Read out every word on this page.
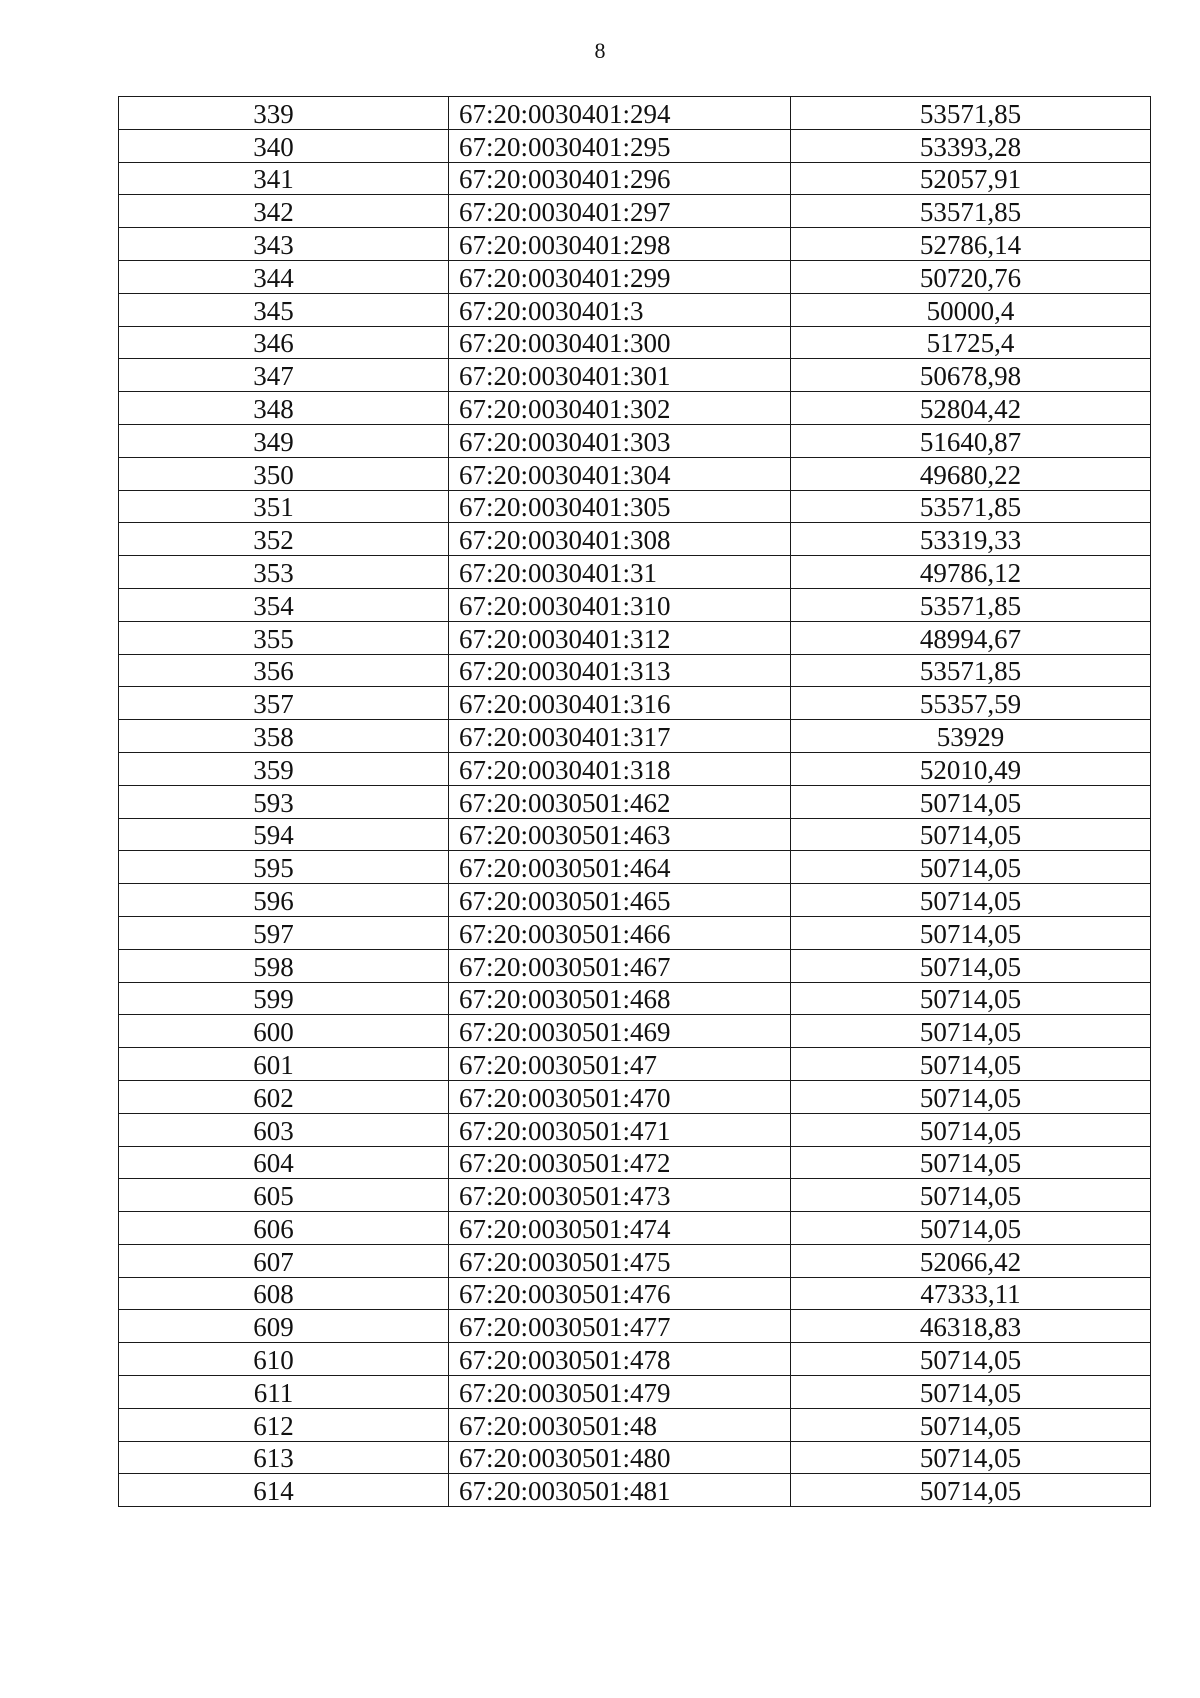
8
339	67:20:0030401:294	53571,85
340	67:20:0030401:295	53393,28
341	67:20:0030401:296	52057,91
342	67:20:0030401:297	53571,85
343	67:20:0030401:298	52786,14
344	67:20:0030401:299	50720,76
345	67:20:0030401:3	50000,4
346	67:20:0030401:300	51725,4
347	67:20:0030401:301	50678,98
348	67:20:0030401:302	52804,42
349	67:20:0030401:303	51640,87
350	67:20:0030401:304	49680,22
351	67:20:0030401:305	53571,85
352	67:20:0030401:308	53319,33
353	67:20:0030401:31	49786,12
354	67:20:0030401:310	53571,85
355	67:20:0030401:312	48994,67
356	67:20:0030401:313	53571,85
357	67:20:0030401:316	55357,59
358	67:20:0030401:317	53929
359	67:20:0030401:318	52010,49
593	67:20:0030501:462	50714,05
594	67:20:0030501:463	50714,05
595	67:20:0030501:464	50714,05
596	67:20:0030501:465	50714,05
597	67:20:0030501:466	50714,05
598	67:20:0030501:467	50714,05
599	67:20:0030501:468	50714,05
600	67:20:0030501:469	50714,05
601	67:20:0030501:47	50714,05
602	67:20:0030501:470	50714,05
603	67:20:0030501:471	50714,05
604	67:20:0030501:472	50714,05
605	67:20:0030501:473	50714,05
606	67:20:0030501:474	50714,05
607	67:20:0030501:475	52066,42
608	67:20:0030501:476	47333,11
609	67:20:0030501:477	46318,83
610	67:20:0030501:478	50714,05
611	67:20:0030501:479	50714,05
612	67:20:0030501:48	50714,05
613	67:20:0030501:480	50714,05
614	67:20:0030501:481	50714,05
